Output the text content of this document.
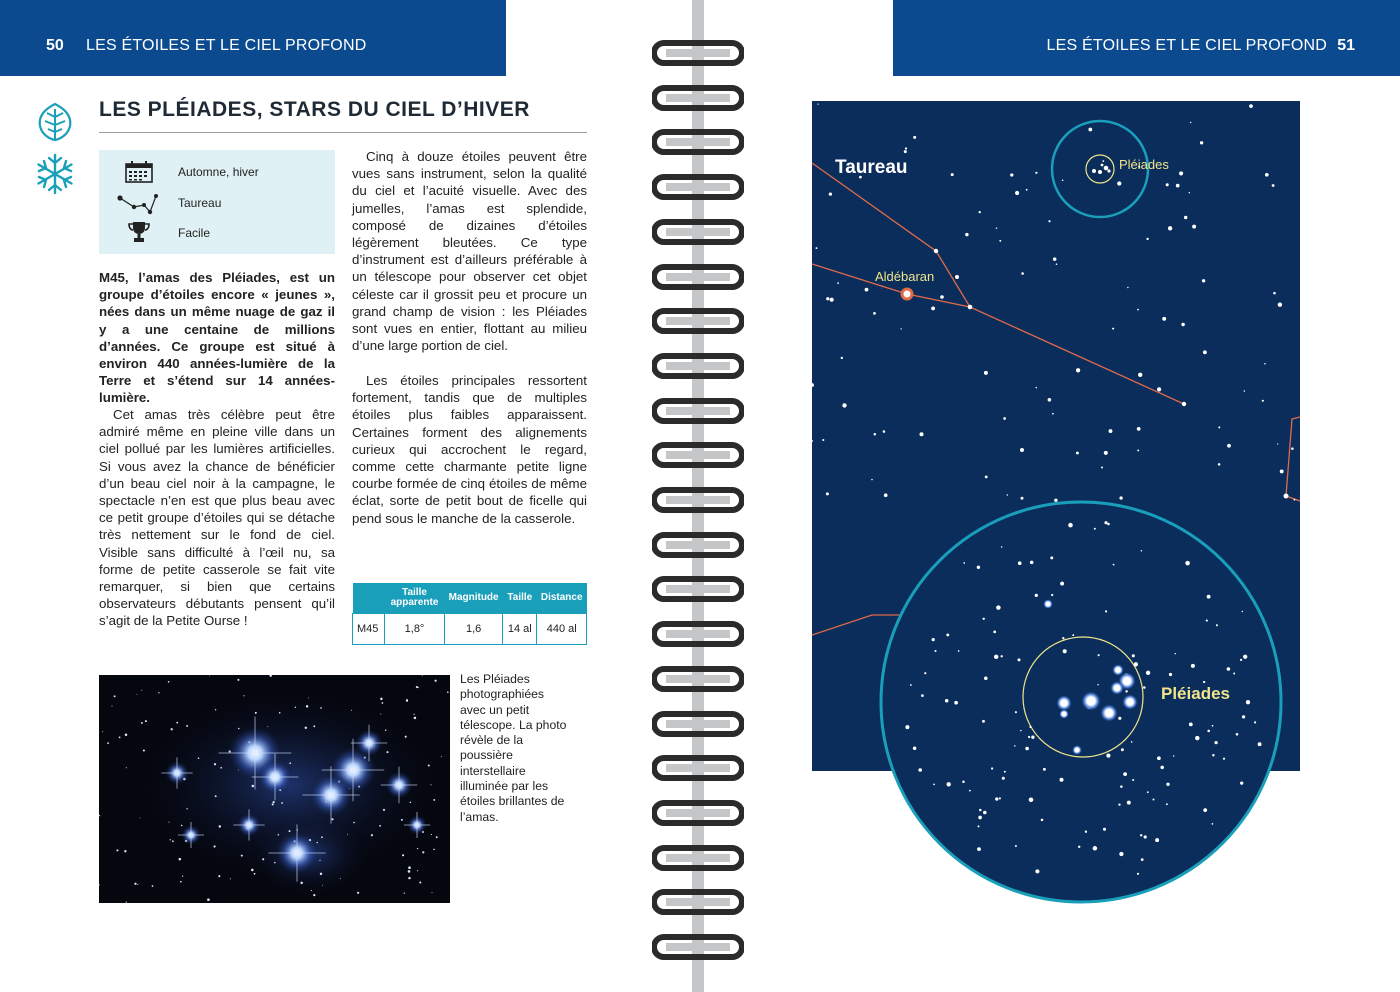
50 LES ÉTOILES ET LE CIEL PROFOND	LES ÉTOILES ET LE CIEL PROFOND 51
LES PLÉIADES, STARS DU CIEL D’HIVER
Automne, hiver
Taureau
Facile

M45, l’amas des Pléiades, est un groupe d’étoiles encore « jeunes », nées dans un même nuage de gaz il y a une centaine de millions d’années. Ce groupe est situé à environ 440 années-lumière de la Terre et s’étend sur 14 années-lumière.

Cet amas très célèbre peut être admiré même en pleine ville dans un ciel pollué par les lumières artificielles. Si vous avez la chance de bénéficier d’un beau ciel noir à la campagne, le spectacle n’en est que plus beau avec ce petit groupe d’étoiles qui se détache très nettement sur le fond de ciel. Visible sans difficulté à l’œil nu, sa forme de petite casserole se fait vite remarquer, si bien que certains observateurs débutants pensent qu’il s’agit de la Petite Ourse !

Cinq à douze étoiles peuvent être vues sans instrument, selon la qualité du ciel et l’acuité visuelle. Avec des jumelles, l’amas est splendide, composé de dizaines d’étoiles légèrement bleutées. Ce type d’instrument est d’ailleurs préférable à un télescope pour observer cet objet céleste car il grossit peu et procure un grand champ de vision : les Pléiades sont vues en entier, flottant au milieu d’une large portion de ciel.

Les étoiles principales ressortent fortement, tandis que de multiples étoiles plus faibles apparaissent. Certaines forment des alignements curieux qui accrochent le regard, comme cette charmante petite ligne courbe formée de cinq étoiles de même éclat, sorte de petit bout de ficelle qui pend sous le manche de la casserole.

	Taille apparente	Magnitude	Taille	Distance
M45	1,8°	1,6	14 al	440 al

Les Pléiades photographiées avec un petit télescope. La photo révèle de la poussière interstellaire illuminée par les étoiles brillantes de l’amas.

Taureau
Aldébaran
Pléiades
Pléiades
